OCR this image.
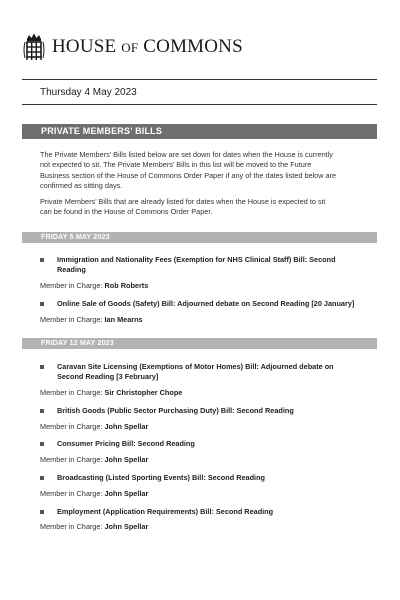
HOUSE OF COMMONS
Thursday 4 May 2023
PRIVATE MEMBERS’ BILLS
The Private Members’ Bills listed below are set down for dates when the House is currently
not expected to sit. The Private Members’ Bills in this list will be moved to the Future
Business section of the House of Commons Order Paper if any of the dates listed below are
confirmed as sitting days.
Private Members’ Bills that are already listed for dates when the House is expected to sit
can be found in the House of Commons Order Paper.
FRIDAY 5 MAY 2023
Immigration and Nationality Fees (Exemption for NHS Clinical Staff) Bill: Second Reading
Member in Charge: Rob Roberts
Online Sale of Goods (Safety) Bill: Adjourned debate on Second Reading [20 January]
Member in Charge: Ian Mearns
FRIDAY 12 MAY 2023
Caravan Site Licensing (Exemptions of Motor Homes) Bill: Adjourned debate on Second Reading [3 February]
Member in Charge: Sir Christopher Chope
British Goods (Public Sector Purchasing Duty) Bill: Second Reading
Member in Charge: John Spellar
Consumer Pricing Bill: Second Reading
Member in Charge: John Spellar
Broadcasting (Listed Sporting Events) Bill: Second Reading
Member in Charge: John Spellar
Employment (Application Requirements) Bill: Second Reading
Member in Charge: John Spellar
